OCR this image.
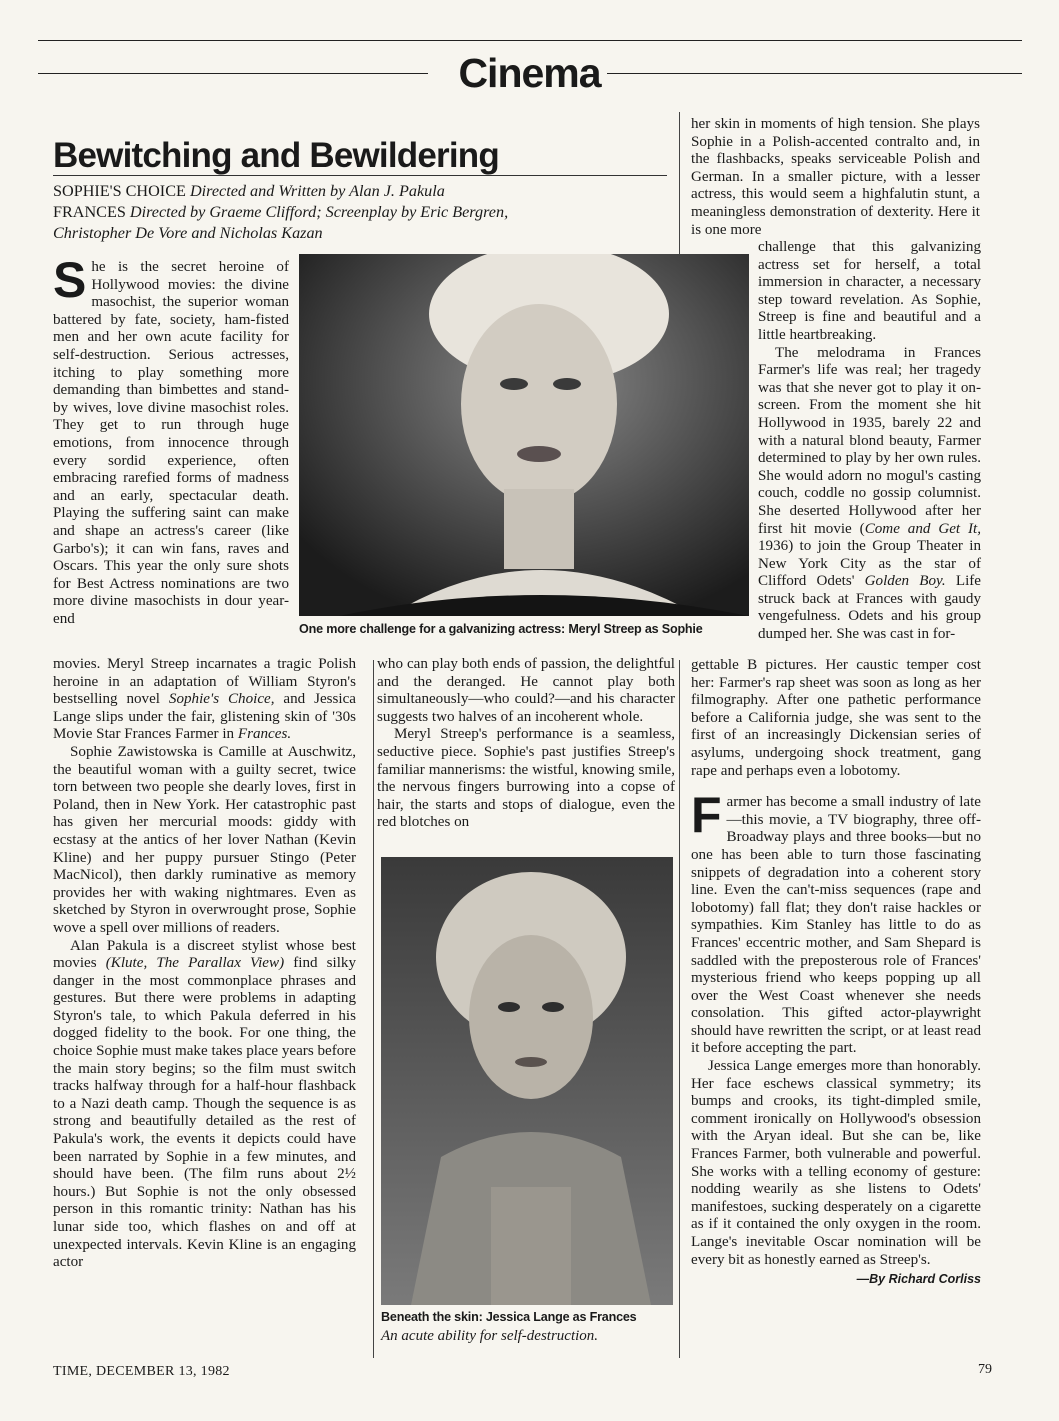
Cinema
Bewitching and Bewildering
SOPHIE'S CHOICE Directed and Written by Alan J. Pakula
FRANCES Directed by Graeme Clifford; Screenplay by Eric Bergren,
Christopher De Vore and Nicholas Kazan
One more challenge for a galvanizing actress: Meryl Streep as Sophie
Beneath the skin: Jessica Lange as Frances
An acute ability for self-destruction.

She is the secret heroine of Hollywood movies: the divine masochist, the superior woman battered by fate, society, ham-fisted men and her own acute facility for self-destruction. Serious actresses, itching to play something more demanding than bimbettes and stand-by wives, love divine masochist roles. They get to run through huge emotions, from innocence through every sordid experience, often embracing rarefied forms of madness and an early, spectacular death. Playing the suffering saint can make and shape an actress's career (like Garbo's); it can win fans, raves and Oscars. This year the only sure shots for Best Actress nominations are two more divine masochists in dour year-end

movies. Meryl Streep incarnates a tragic Polish heroine in an adaptation of William Styron's bestselling novel Sophie's Choice, and Jessica Lange slips under the fair, glistening skin of '30s Movie Star Frances Farmer in Frances.

Sophie Zawistowska is Camille at Auschwitz, the beautiful woman with a guilty secret, twice torn between two people she dearly loves, first in Poland, then in New York. Her catastrophic past has given her mercurial moods: giddy with ecstasy at the antics of her lover Nathan (Kevin Kline) and her puppy pursuer Stingo (Peter MacNicol), then darkly ruminative as memory provides her with waking nightmares. Even as sketched by Styron in overwrought prose, Sophie wove a spell over millions of readers.

Alan Pakula is a discreet stylist whose best movies (Klute, The Parallax View) find silky danger in the most commonplace phrases and gestures. But there were problems in adapting Styron's tale, to which Pakula deferred in his dogged fidelity to the book. For one thing, the choice Sophie must make takes place years before the main story begins; so the film must switch tracks halfway through for a half-hour flashback to a Nazi death camp. Though the sequence is as strong and beautifully detailed as the rest of Pakula's work, the events it depicts could have been narrated by Sophie in a few minutes, and should have been. (The film runs about 2½ hours.) But Sophie is not the only obsessed person in this romantic trinity: Nathan has his lunar side too, which flashes on and off at unexpected intervals. Kevin Kline is an engaging actor

who can play both ends of passion, the delightful and the deranged. He cannot play both simultaneously—who could?—and his character suggests two halves of an incoherent whole.

Meryl Streep's performance is a seamless, seductive piece. Sophie's past justifies Streep's familiar mannerisms: the wistful, knowing smile, the nervous fingers burrowing into a copse of hair, the starts and stops of dialogue, even the red blotches on

her skin in moments of high tension. She plays Sophie in a Polish-accented contralto and, in the flashbacks, speaks serviceable Polish and German. In a smaller picture, with a lesser actress, this would seem a highfalutin stunt, a meaningless demonstration of dexterity. Here it is one more

challenge that this galvanizing actress set for herself, a total immersion in character, a necessary step toward revelation. As Sophie, Streep is fine and beautiful and a little heartbreaking.

The melodrama in Frances Farmer's life was real; her tragedy was that she never got to play it on-screen. From the moment she hit Hollywood in 1935, barely 22 and with a natural blond beauty, Farmer determined to play by her own rules. She would adorn no mogul's casting couch, coddle no gossip columnist. She deserted Hollywood after her first hit movie (Come and Get It, 1936) to join the Group Theater in New York City as the star of Clifford Odets' Golden Boy. Life struck back at Frances with gaudy vengefulness. Odets and his group dumped her. She was cast in for-

gettable B pictures. Her caustic temper cost her: Farmer's rap sheet was soon as long as her filmography. After one pathetic performance before a California judge, she was sent to the first of an increasingly Dickensian series of asylums, undergoing shock treatment, gang rape and perhaps even a lobotomy.

Farmer has become a small industry of late—this movie, a TV biography, three off-Broadway plays and three books—but no one has been able to turn those fascinating snippets of degradation into a coherent story line. Even the can't-miss sequences (rape and lobotomy) fall flat; they don't raise hackles or sympathies. Kim Stanley has little to do as Frances' eccentric mother, and Sam Shepard is saddled with the preposterous role of Frances' mysterious friend who keeps popping up all over the West Coast whenever she needs consolation. This gifted actor-playwright should have rewritten the script, or at least read it before accepting the part.

Jessica Lange emerges more than honorably. Her face eschews classical symmetry; its bumps and crooks, its tight-dimpled smile, comment ironically on Hollywood's obsession with the Aryan ideal. But she can be, like Frances Farmer, both vulnerable and powerful. She works with a telling economy of gesture: nodding wearily as she listens to Odets' manifestoes, sucking desperately on a cigarette as if it contained the only oxygen in the room. Lange's inevitable Oscar nomination will be every bit as honestly earned as Streep's.
—By Richard Corliss

TIME, DECEMBER 13, 1982	79
